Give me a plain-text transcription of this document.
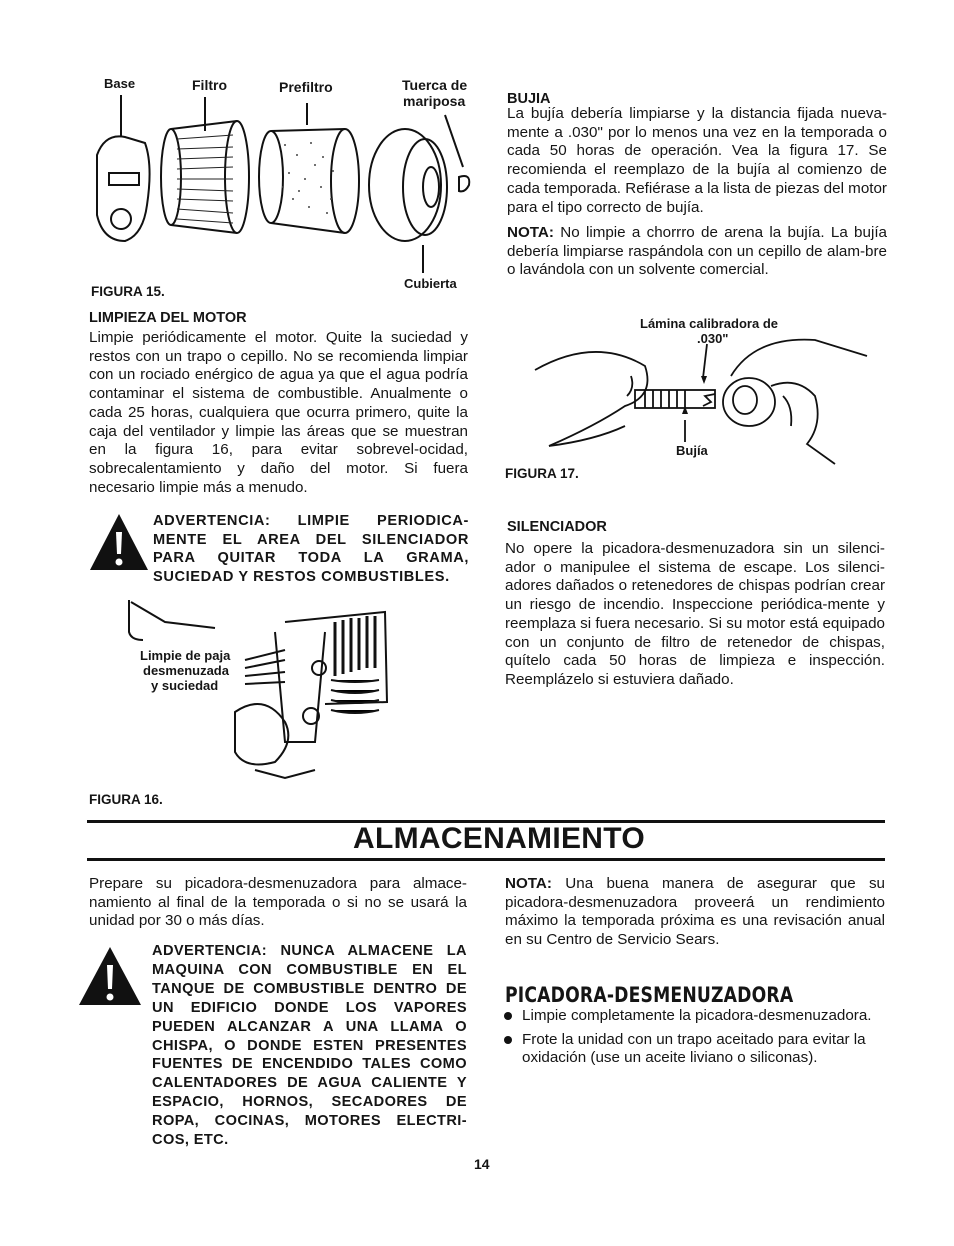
Base	Filtro	Prefiltro	Tuerca de
mariposa
Cubierta
FIGURA 15.
LIMPIEZA DEL MOTOR
Limpie periódicamente el motor. Quite la suciedad y restos con un trapo o cepillo. No se recomienda limpiar con un rociado enérgico de agua ya que el agua podría contaminar el sistema de combustible. Anualmente o cada 25 horas, cualquiera que ocurra primero, quite la caja del ventilador y limpie las áreas que se muestran en la figura 16, para evitar sobrevel-ocidad, sobrecalentamiento y daño del motor. Si fuera necesario limpie más a menudo.
ADVERTENCIA: LIMPIE PERIODICA-MENTE EL AREA DEL SILENCIADOR PARA QUITAR TODA LA GRAMA, SUCIEDAD Y RESTOS COMBUSTIBLES.
Limpie de paja
desmenuzada
y suciedad
FIGURA 16.
BUJIA
La bujía debería limpiarse y la distancia fijada nueva-mente a .030" por lo menos una vez en la temporada o cada 50 horas de operación. Vea la figura 17. Se recomienda el reemplazo de la bujía al comienzo de cada temporada. Refiérase a la lista de piezas del motor para el tipo correcto de bujía.
NOTA: No limpie a chorrro de arena la bujía. La bujía debería limpiarse raspándola con un cepillo de alam-bre o lavándola con un solvente comercial.
Lámina calibradora de
.030"
Bujía
FIGURA 17.
SILENCIADOR
No opere la picadora-desmenuzadora sin un silenci-ador o manipulee el sistema de escape. Los silenci-adores dañados o retenedores de chispas podrían crear un riesgo de incendio. Inspeccione periódica-mente y reemplaza si fuera necesario. Si su motor está equipado con un conjunto de filtro de retenedor de chispas, quítelo cada 50 horas de limpieza e inspección. Reemplázelo si estuviera dañado.
ALMACENAMIENTO
Prepare su picadora-desmenuzadora para almace-namiento al final de la temporada o si no se usará la unidad por 30 o más días.
ADVERTENCIA: NUNCA ALMACENE LA MAQUINA CON COMBUSTIBLE EN EL TANQUE DE COMBUSTIBLE DENTRO DE UN EDIFICIO DONDE LOS VAPORES PUEDEN ALCANZAR A UNA LLAMA O CHISPA, O DONDE ESTEN PRESENTES FUENTES DE ENCENDIDO TALES COMO CALENTADORES DE AGUA CALIENTE Y ESPACIO, HORNOS, SECADORES DE ROPA, COCINAS, MOTORES ELECTRI-COS, ETC.
NOTA: Una buena manera de asegurar que su picadora-desmenuzadora proveerá un rendimiento máximo la temporada próxima es una revisación anual en su Centro de Servicio Sears.
PICADORA-DESMENUZADORA
Limpie completamente la picadora-desmenuzadora.
Frote la unidad con un trapo aceitado para evitar la oxidación (use un aceite liviano o siliconas).
14
